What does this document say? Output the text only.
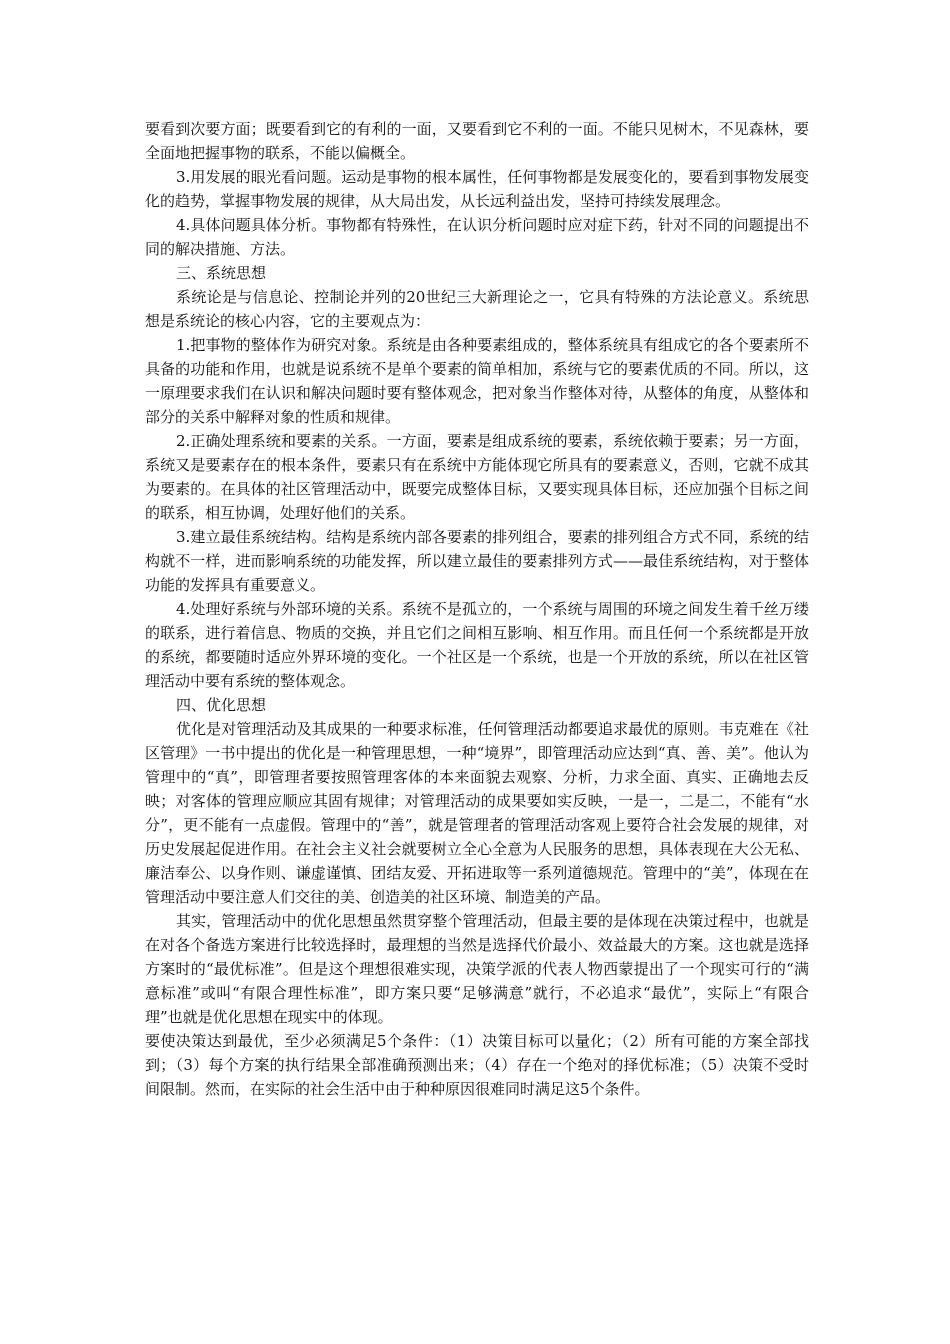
要看到次要方面；既要看到它的有利的一面，又要看到它不利的一面。不能只见树木，不见森林，要全面地把握事物的联系，不能以偏概全。

3.用发展的眼光看问题。运动是事物的根本属性，任何事物都是发展变化的，要看到事物发展变化的趋势，掌握事物发展的规律，从大局出发，从长远利益出发，坚持可持续发展理念。

4.具体问题具体分析。事物都有特殊性，在认识分析问题时应对症下药，针对不同的问题提出不同的解决措施、方法。

三、系统思想

系统论是与信息论、控制论并列的20世纪三大新理论之一，它具有特殊的方法论意义。系统思想是系统论的核心内容，它的主要观点为：

1.把事物的整体作为研究对象。系统是由各种要素组成的，整体系统具有组成它的各个要素所不具备的功能和作用，也就是说系统不是单个要素的简单相加，系统与它的要素优质的不同。所以，这一原理要求我们在认识和解决问题时要有整体观念，把对象当作整体对待，从整体的角度，从整体和部分的关系中解释对象的性质和规律。

2.正确处理系统和要素的关系。一方面，要素是组成系统的要素，系统依赖于要素；另一方面，系统又是要素存在的根本条件，要素只有在系统中方能体现它所具有的要素意义，否则，它就不成其为要素的。在具体的社区管理活动中，既要完成整体目标，又要实现具体目标，还应加强个目标之间的联系，相互协调，处理好他们的关系。

3.建立最佳系统结构。结构是系统内部各要素的排列组合，要素的排列组合方式不同，系统的结构就不一样，进而影响系统的功能发挥，所以建立最佳的要素排列方式——最佳系统结构，对于整体功能的发挥具有重要意义。

4.处理好系统与外部环境的关系。系统不是孤立的，一个系统与周围的环境之间发生着千丝万缕的联系，进行着信息、物质的交换，并且它们之间相互影响、相互作用。而且任何一个系统都是开放的系统，都要随时适应外界环境的变化。一个社区是一个系统，也是一个开放的系统，所以在社区管理活动中要有系统的整体观念。

四、优化思想

优化是对管理活动及其成果的一种要求标准，任何管理活动都要追求最优的原则。韦克难在《社区管理》一书中提出的优化是一种管理思想，一种“境界”，即管理活动应达到“真、善、美”。他认为管理中的“真”，即管理者要按照管理客体的本来面貌去观察、分析，力求全面、真实、正确地去反映；对客体的管理应顺应其固有规律；对管理活动的成果要如实反映，一是一，二是二，不能有“水分”，更不能有一点虚假。管理中的“善”，就是管理者的管理活动客观上要符合社会发展的规律，对历史发展起促进作用。在社会主义社会就要树立全心全意为人民服务的思想，具体表现在大公无私、廉洁奉公、以身作则、谦虚谨慎、团结友爱、开拓进取等一系列道德规范。管理中的“美”，体现在在管理活动中要注意人们交往的美、创造美的社区环境、制造美的产品。

其实，管理活动中的优化思想虽然贯穿整个管理活动，但最主要的是体现在决策过程中，也就是在对各个备选方案进行比较选择时，最理想的当然是选择代价最小、效益最大的方案。这也就是选择方案时的“最优标准”。但是这个理想很难实现，决策学派的代表人物西蒙提出了一个现实可行的“满意标准”或叫“有限合理性标准”，即方案只要“足够满意”就行，不必追求“最优”，实际上“有限合理”也就是优化思想在现实中的体现。

要使决策达到最优，至少必须满足5个条件：（1）决策目标可以量化；（2）所有可能的方案全部找到；（3）每个方案的执行结果全部准确预测出来；（4）存在一个绝对的择优标准；（5）决策不受时间限制。然而，在实际的社会生活中由于种种原因很难同时满足这5个条件。
